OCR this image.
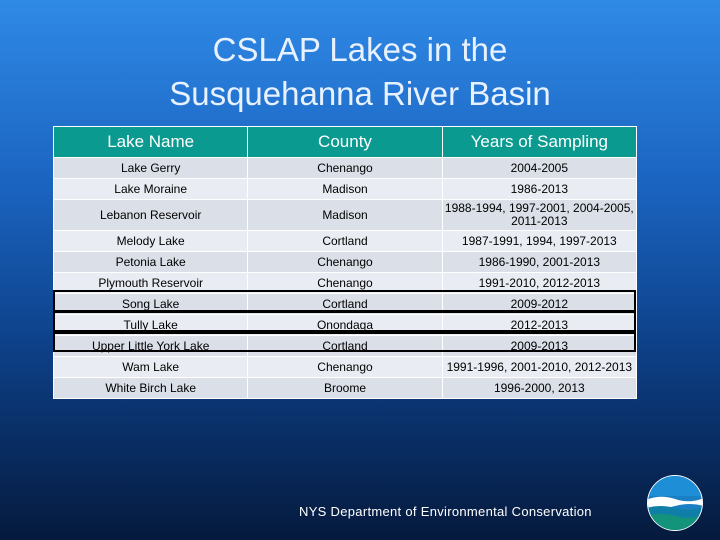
CSLAP Lakes in the
Susquehanna River Basin
Lake Name	County	Years of Sampling
Lake Gerry	Chenango	2004-2005
Lake Moraine	Madison	1986-2013
Lebanon Reservoir	Madison	1988-1994, 1997-2001, 2004-2005, 2011-2013
Melody Lake	Cortland	1987-1991, 1994, 1997-2013
Petonia Lake	Chenango	1986-1990, 2001-2013
Plymouth Reservoir	Chenango	1991-2010, 2012-2013
Song Lake	Cortland	2009-2012
Tully Lake	Onondaga	2012-2013
Upper Little York Lake	Cortland	2009-2013
Wam Lake	Chenango	1991-1996, 2001-2010, 2012-2013
White Birch Lake	Broome	1996-2000, 2013
NYS Department of Environmental Conservation
